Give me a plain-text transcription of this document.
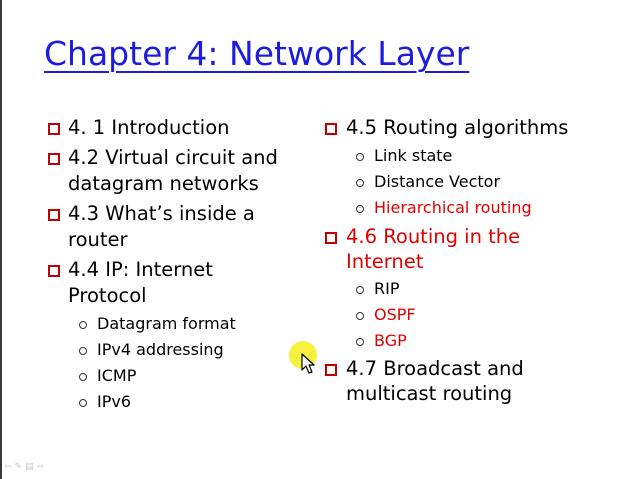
Chapter 4: Network Layer
4. 1 Introduction
4.2 Virtual circuit and
datagram networks
4.3 What’s inside a
router
4.4 IP: Internet
Protocol
Datagram format
IPv4 addressing
ICMP
IPv6
4.5 Routing algorithms
Link state
Distance Vector
Hierarchical routing
4.6 Routing in the
Internet
RIP
OSPF
BGP
4.7 Broadcast and
multicast routing
⇦✎▤⇨
